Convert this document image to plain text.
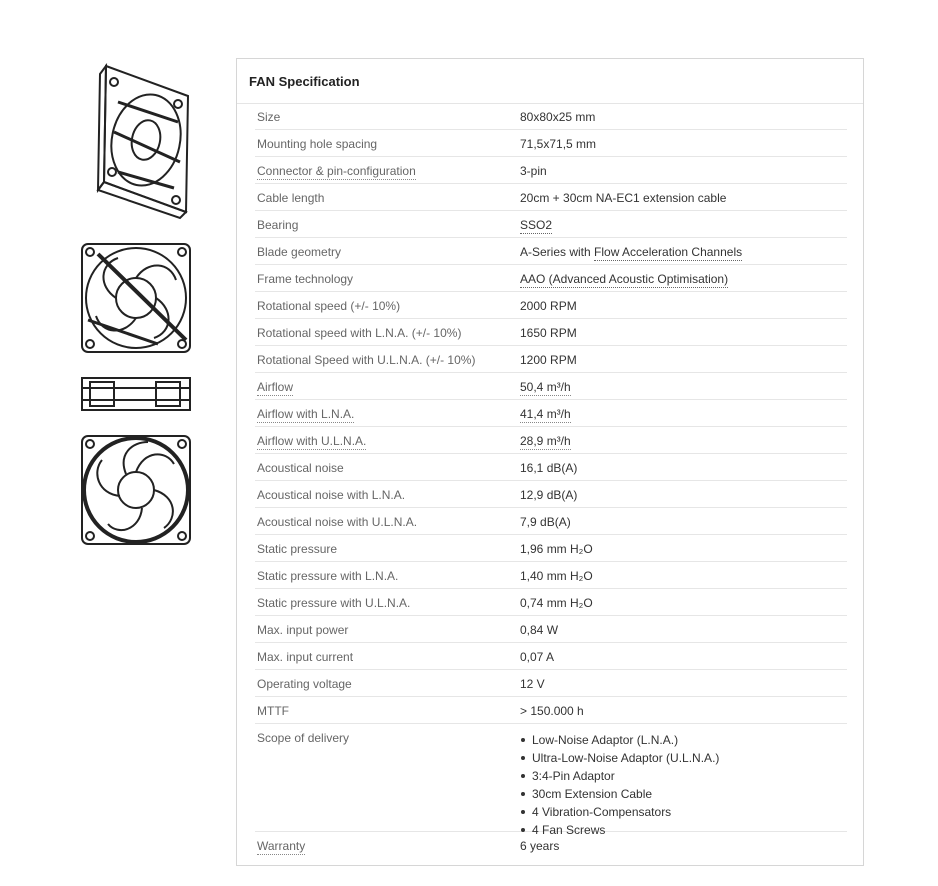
FAN Specification
Size	80x80x25 mm
Mounting hole spacing	71,5x71,5 mm
Connector & pin-configuration	3-pin
Cable length	20cm + 30cm NA-EC1 extension cable
Bearing	SSO2
Blade geometry	A-Series with Flow Acceleration Channels
Frame technology	AAO (Advanced Acoustic Optimisation)
Rotational speed (+/- 10%)	2000 RPM
Rotational speed with L.N.A. (+/- 10%)	1650 RPM
Rotational Speed with U.L.N.A. (+/- 10%)	1200 RPM
Airflow	50,4 m³/h
Airflow with L.N.A.	41,4 m³/h
Airflow with U.L.N.A.	28,9 m³/h
Acoustical noise	16,1 dB(A)
Acoustical noise with L.N.A.	12,9 dB(A)
Acoustical noise with U.L.N.A.	7,9 dB(A)
Static pressure	1,96 mm H₂O
Static pressure with L.N.A.	1,40 mm H₂O
Static pressure with U.L.N.A.	0,74 mm H₂O
Max. input power	0,84 W
Max. input current	0,07 A
Operating voltage	12 V
MTTF	> 150.000 h
Scope of delivery	Low-Noise Adaptor (L.N.A.)
Ultra-Low-Noise Adaptor (U.L.N.A.)
3:4-Pin Adaptor
30cm Extension Cable
4 Vibration-Compensators
4 Fan Screws
Warranty	6 years
